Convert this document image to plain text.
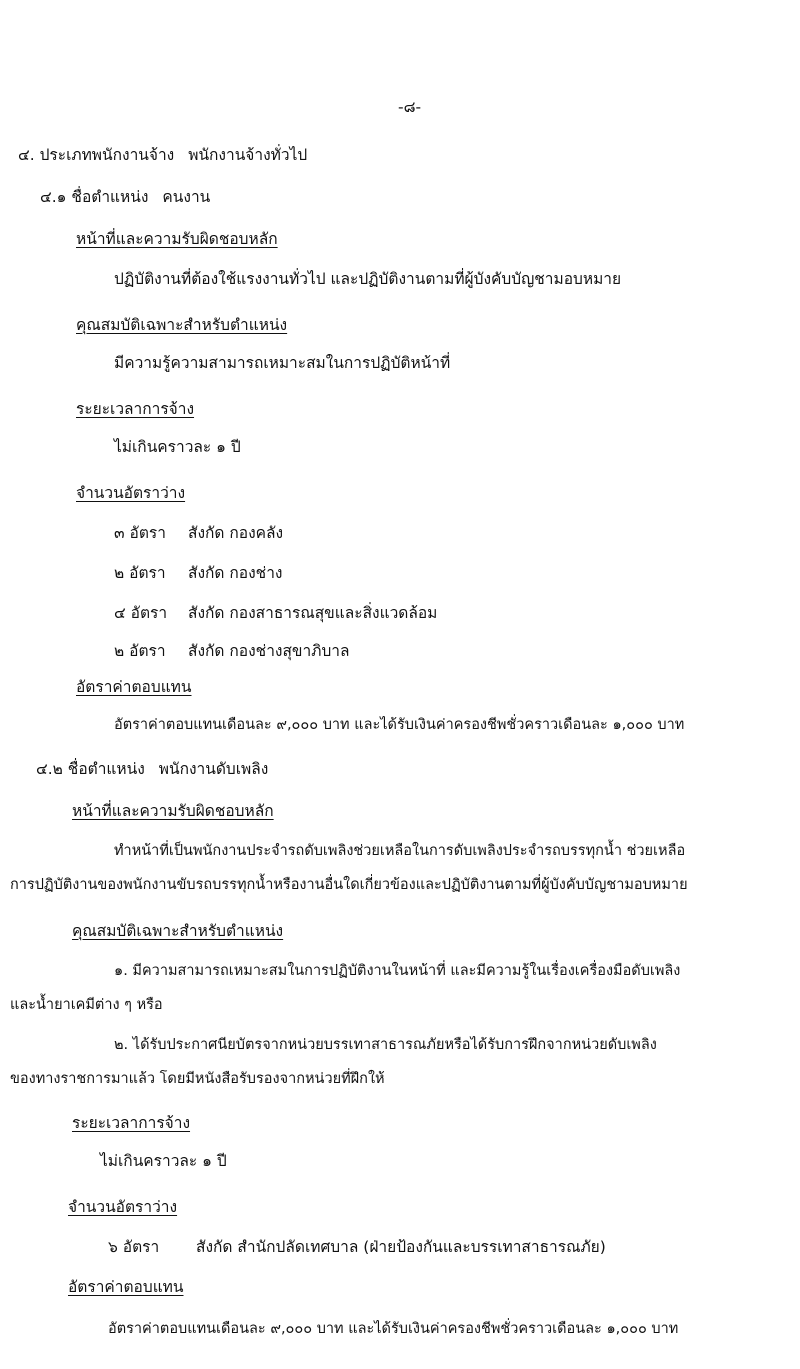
-๘-
๔. ประเภทพนักงานจ้าง พนักงานจ้างทั่วไป
๔.๑ ชื่อตำแหน่ง คนงาน
หน้าที่และความรับผิดชอบหลัก
ปฏิบัติงานที่ต้องใช้แรงงานทั่วไป และปฏิบัติงานตามที่ผู้บังคับบัญชามอบหมาย
คุณสมบัติเฉพาะสำหรับตำแหน่ง
มีความรู้ความสามารถเหมาะสมในการปฏิบัติหน้าที่
ระยะเวลาการจ้าง
ไม่เกินคราวละ ๑ ปี
จำนวนอัตราว่าง
๓ อัตรา สังกัด กองคลัง
๒ อัตรา สังกัด กองช่าง
๔ อัตรา สังกัด กองสาธารณสุขและสิ่งแวดล้อม
๒ อัตรา สังกัด กองช่างสุขาภิบาล
อัตราค่าตอบแทน
อัตราค่าตอบแทนเดือนละ ๙,๐๐๐ บาท และได้รับเงินค่าครองชีพชั่วคราวเดือนละ ๑,๐๐๐ บาท
๔.๒ ชื่อตำแหน่ง พนักงานดับเพลิง
หน้าที่และความรับผิดชอบหลัก
ทำหน้าที่เป็นพนักงานประจำรถดับเพลิงช่วยเหลือในการดับเพลิงประจำรถบรรทุกน้ำ ช่วยเหลือ
การปฏิบัติงานของพนักงานขับรถบรรทุกน้ำหรืองานอื่นใดเกี่ยวข้องและปฏิบัติงานตามที่ผู้บังคับบัญชามอบหมาย
คุณสมบัติเฉพาะสำหรับตำแหน่ง
๑. มีความสามารถเหมาะสมในการปฏิบัติงานในหน้าที่ และมีความรู้ในเรื่องเครื่องมือดับเพลิง
และน้ำยาเคมีต่าง ๆ หรือ
๒. ได้รับประกาศนียบัตรจากหน่วยบรรเทาสาธารณภัยหรือได้รับการฝึกจากหน่วยดับเพลิง
ของทางราชการมาแล้ว โดยมีหนังสือรับรองจากหน่วยที่ฝึกให้
ระยะเวลาการจ้าง
ไม่เกินคราวละ ๑ ปี
จำนวนอัตราว่าง
๖ อัตรา สังกัด สำนักปลัดเทศบาล (ฝ่ายป้องกันและบรรเทาสาธารณภัย)
อัตราค่าตอบแทน
อัตราค่าตอบแทนเดือนละ ๙,๐๐๐ บาท และได้รับเงินค่าครองชีพชั่วคราวเดือนละ ๑,๐๐๐ บาท
